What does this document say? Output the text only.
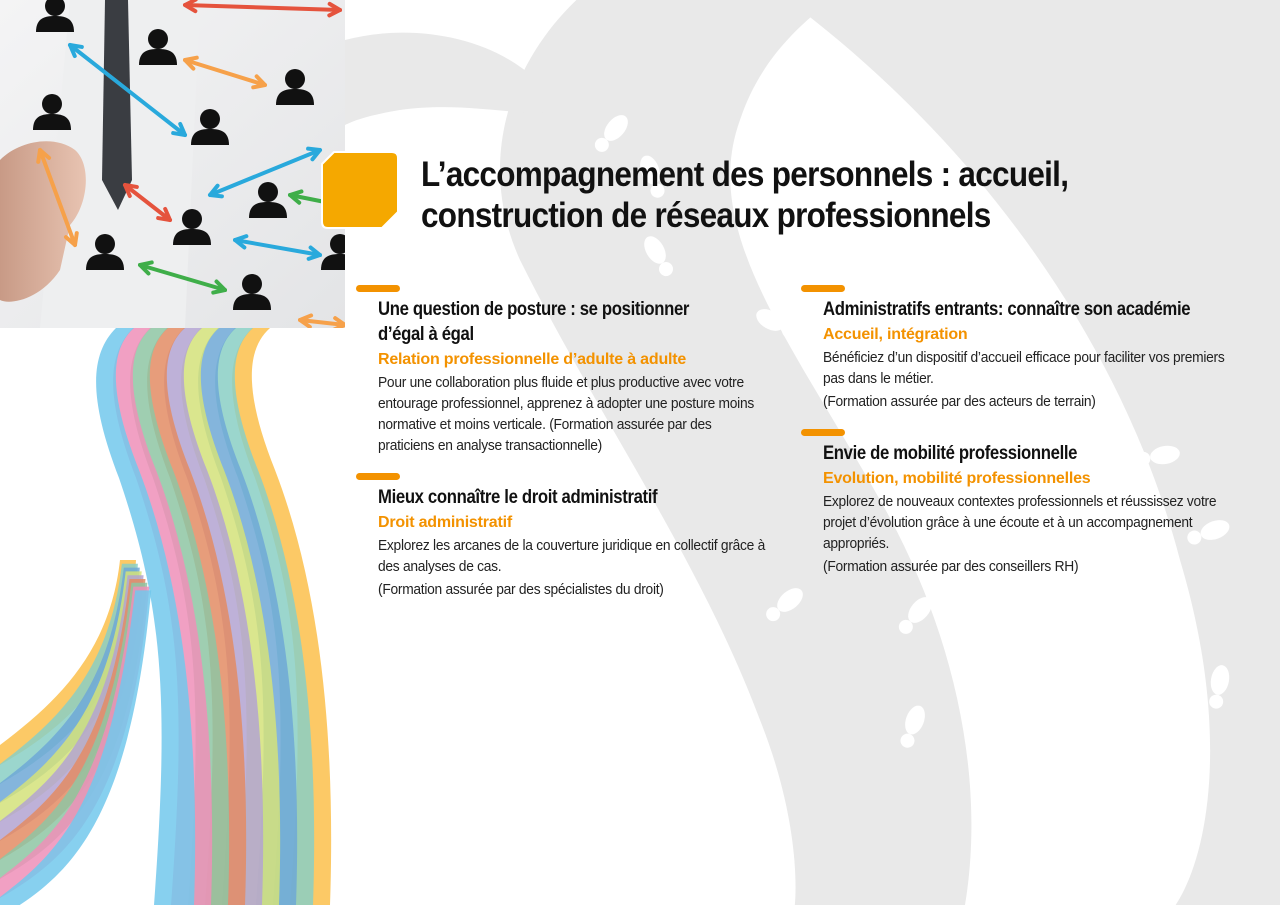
L’accompagnement des personnels : accueil, construction de réseaux professionnels

Une question de posture : se positionner d’égal à égal

Relation professionnelle d’adulte à adulte

Pour une collaboration plus fluide et plus productive avec votre entourage professionnel, apprenez à adopter une posture moins normative et moins verticale. (Formation assurée par des praticiens en analyse transactionnelle)

Mieux connaître le droit administratif

Droit administratif

Explorez les arcanes de la couverture juridique en collectif grâce à des analyses de cas.

(Formation assurée par des spécialistes du droit)

Administratifs entrants: connaître son académie

Accueil, intégration

Bénéficiez d’un dispositif d’accueil efficace pour faciliter vos premiers pas dans le métier.

(Formation assurée par des acteurs de terrain)

Envie de mobilité professionnelle

Evolution, mobilité professionnelles

Explorez de nouveaux contextes professionnels et réussissez votre projet d’évolution grâce à une écoute et à un accompagnement appropriés.

(Formation assurée par des conseillers RH)
